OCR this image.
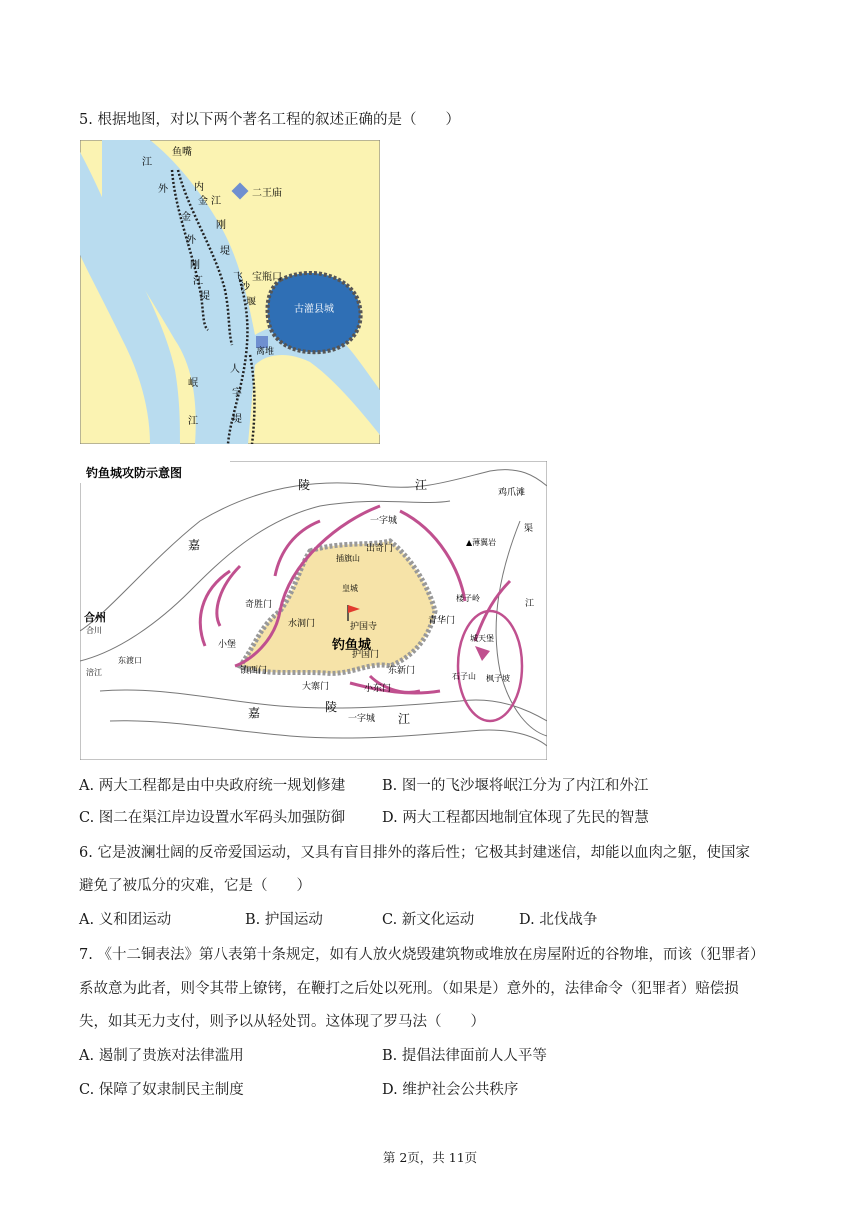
5. 根据地图，对以下两个著名工程的叙述正确的是（　　）
鱼嘴
江
外	内
金 江
刚
堤
金
外
刚
江
堤
二王庙
飞
沙
堰
宝瓶口
古灌县城
离堆
人
字
堤
岷
江
钓鱼城攻防示意图
陵	江
嘉
鸡爪滩
渠
江
一字城
出奇门
▲薄翼岩
插旗山
皇城
楼子岭
奇胜门
水洞门	护国寺
青华门
合州
合川
小堡	钓鱼城
护国门
城天堡
东渡口
镇西门	东新门
石子山 枫子坡
涪江
大寨门	小东门
一字城
嘉	陵
江
A. 两大工程都是由中央政府统一规划修建	B. 图一的飞沙堰将岷江分为了内江和外江
C. 图二在渠江岸边设置水军码头加强防御	D. 两大工程都因地制宜体现了先民的智慧
6. 它是波澜壮阔的反帝爱国运动，又具有盲目排外的落后性；它极其封建迷信，却能以血肉之躯，使国家
避免了被瓜分的灾难，它是（　　）
A. 义和团运动	B. 护国运动	C. 新文化运动	D. 北伐战争
7. 《十二铜表法》第八表第十条规定，如有人放火烧毁建筑物或堆放在房屋附近的谷物堆，而该（犯罪者）
系故意为此者，则令其带上镣铐，在鞭打之后处以死刑。（如果是）意外的，法律命令（犯罪者）赔偿损
失，如其无力支付，则予以从轻处罚。这体现了罗马法（　　）
A. 遏制了贵族对法律滥用	B. 提倡法律面前人人平等
C. 保障了奴隶制民主制度	D. 维护社会公共秩序
第 2页，共 11页
